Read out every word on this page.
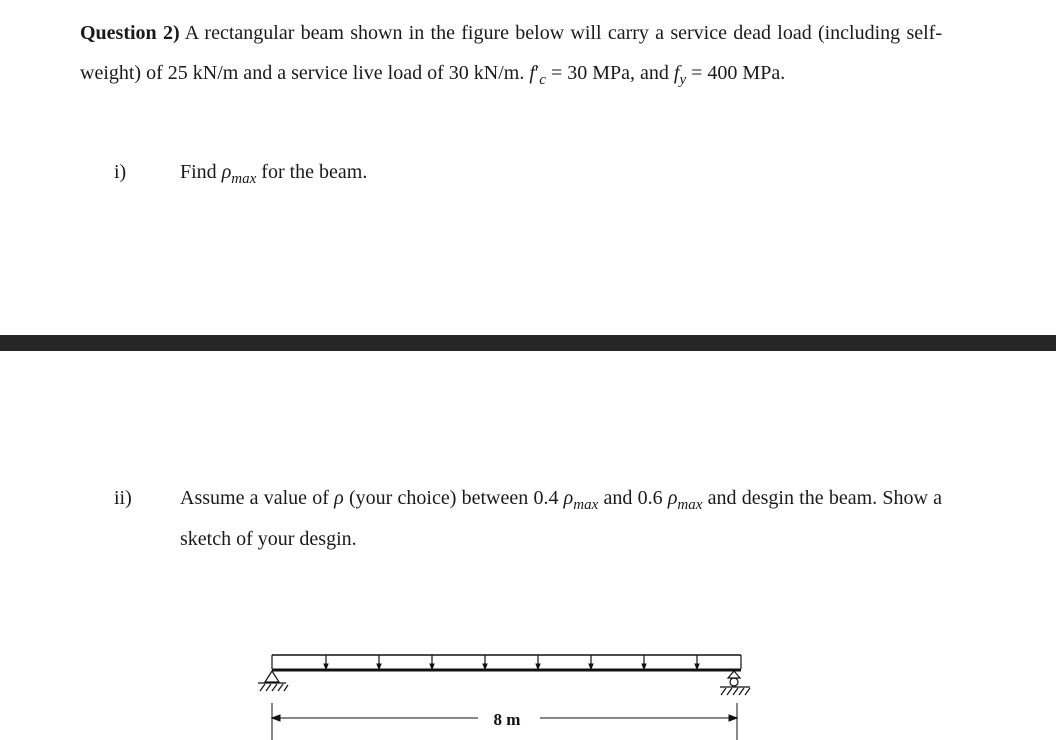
Question 2) A rectangular beam shown in the figure below will carry a service dead load (including self-weight) of 25 kN/m and a service live load of 30 kN/m. $f'_c = 30$ MPa, and $f_y = 400$ MPa.

i)	Find $\rho_{max}$ for the beam.

ii) Assume a value of ρ (your choice) between 0.4 $\rho_{max}$ and 0.6 $\rho_{max}$ and desgin the beam. Show a sketch of your desgin.

8 m
